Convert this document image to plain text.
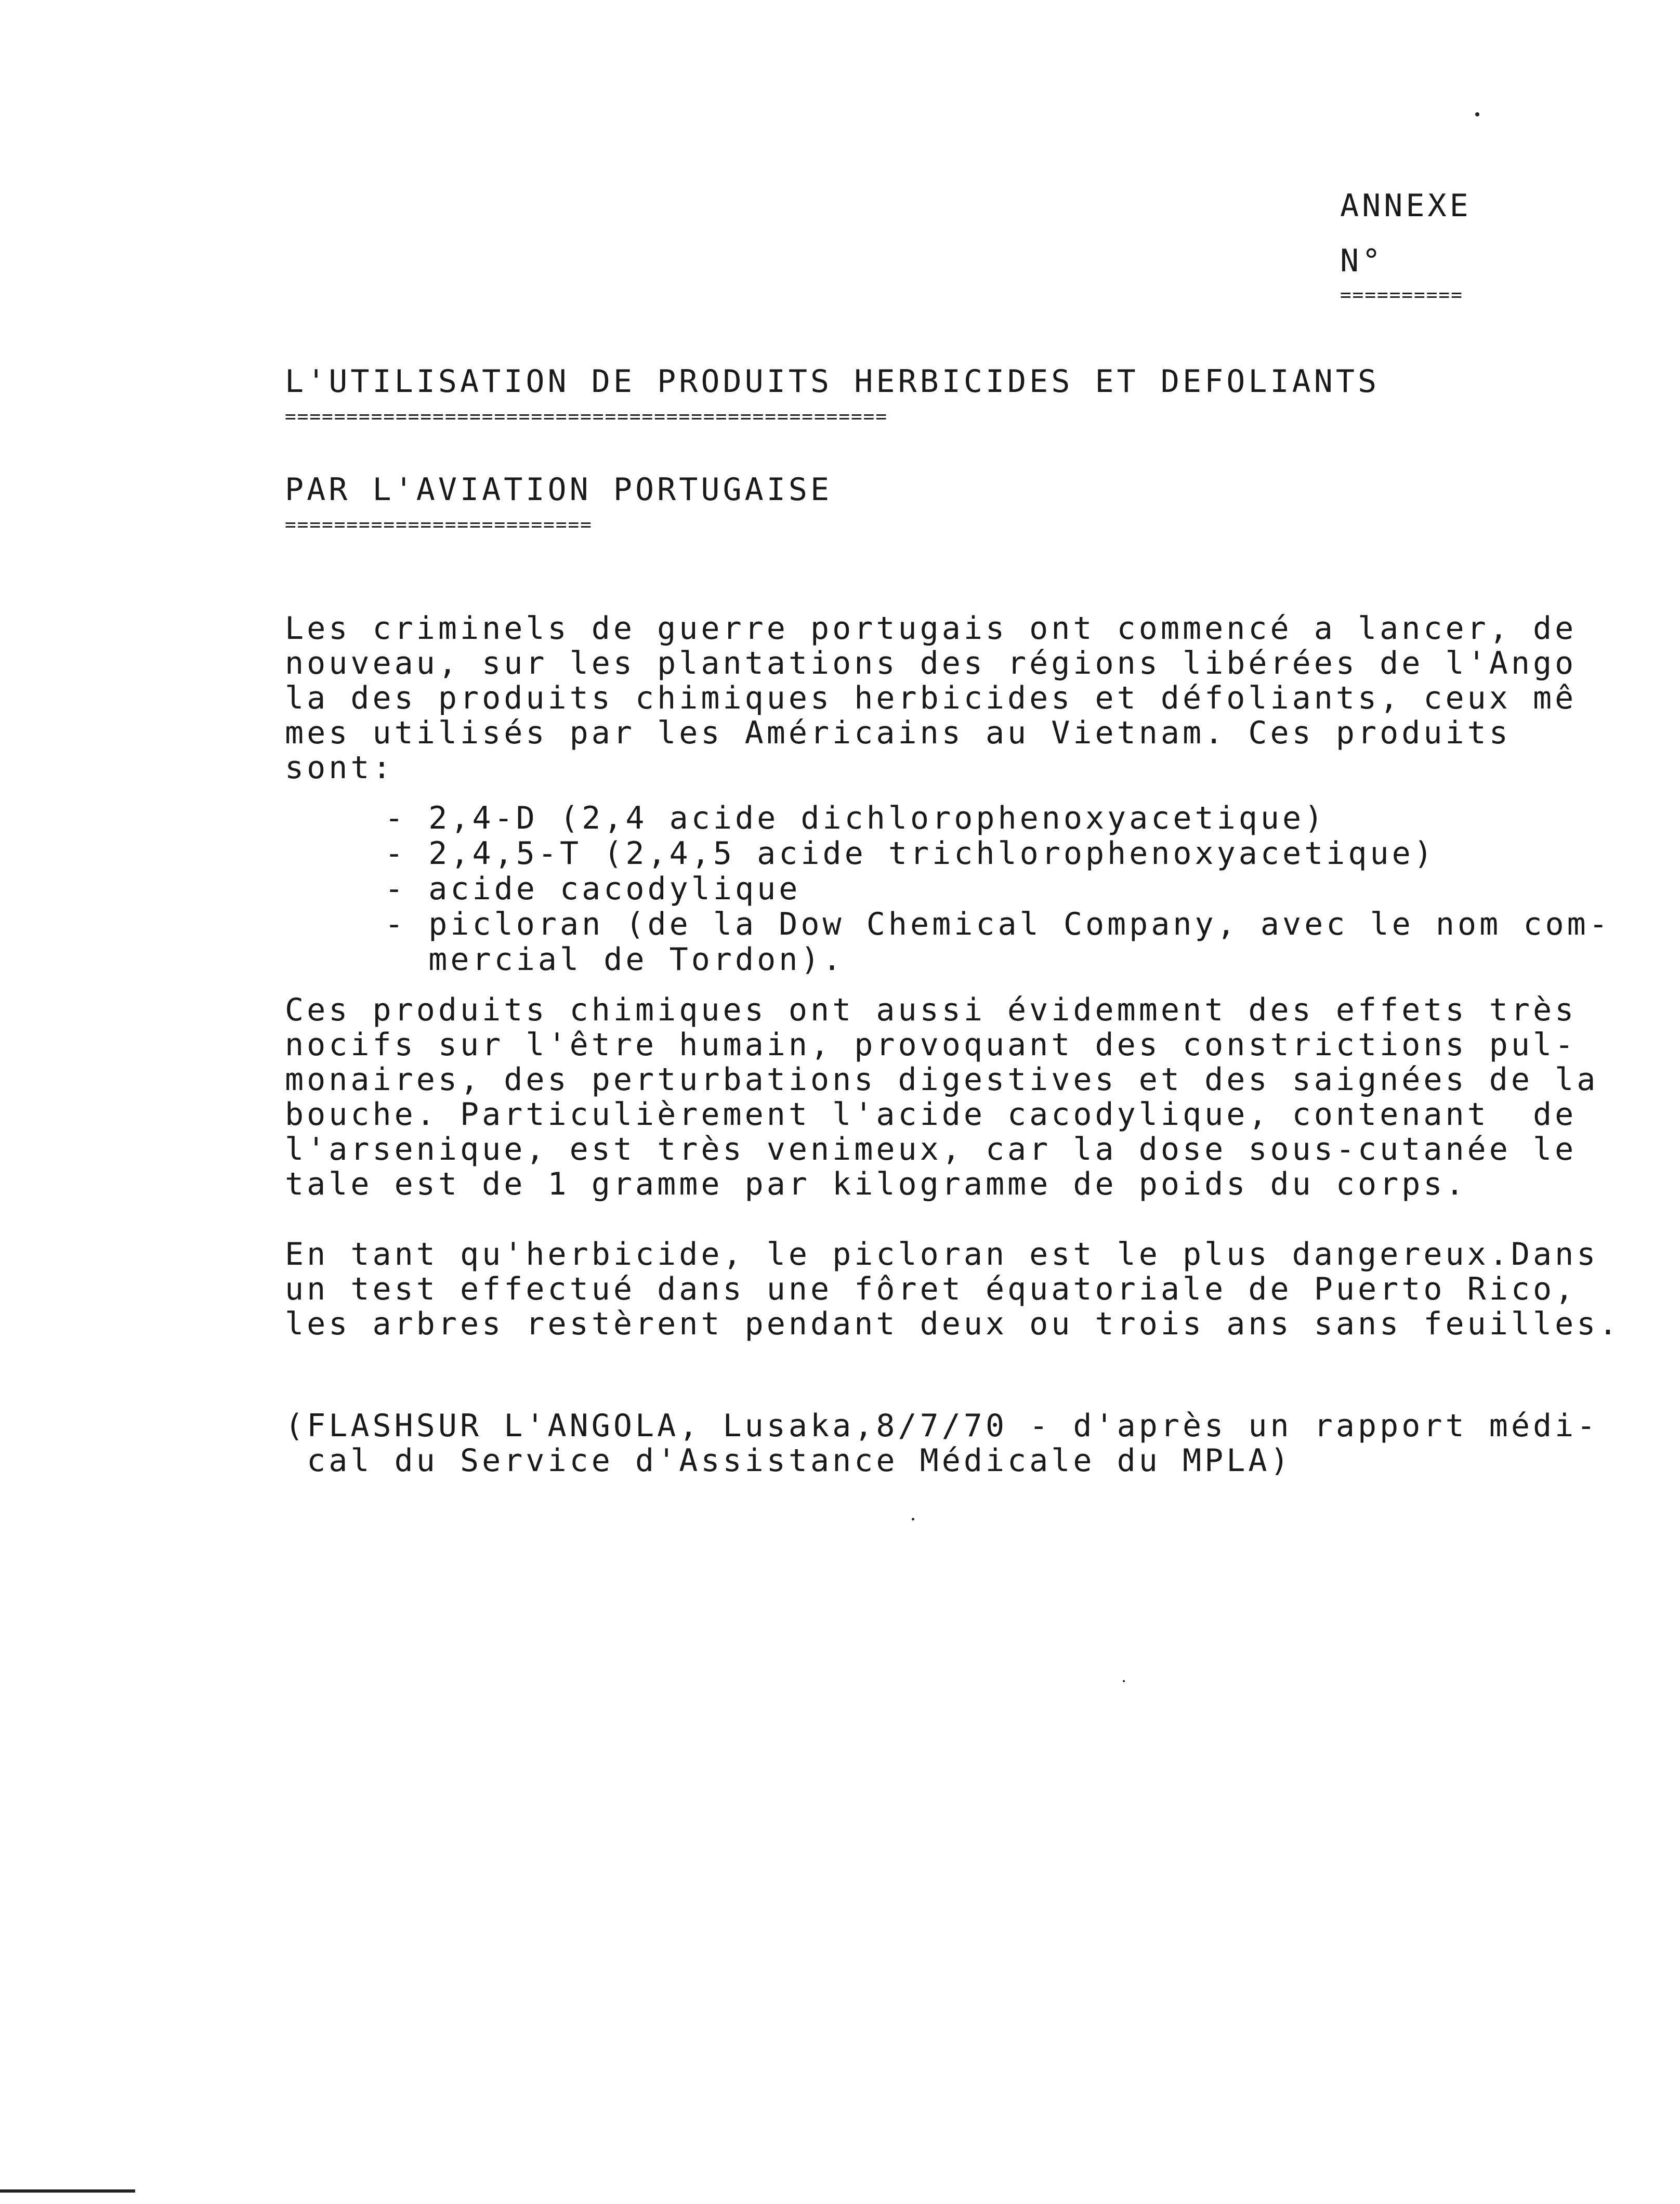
ANNEXE
N°
==========
L'UTILISATION DE PRODUITS HERBICIDES ET DEFOLIANTS
=================================================
PAR L'AVIATION PORTUGAISE
=========================
Les criminels de guerre portugais ont commencé a lancer, de
nouveau, sur les plantations des régions libérées de l'Ango
la des produits chimiques herbicides et défoliants, ceux mê
mes utilisés par les Américains au Vietnam. Ces produits
sont:
- 2,4-D (2,4 acide dichlorophenoxyacetique)
- 2,4,5-T (2,4,5 acide trichlorophenoxyacetique)
- acide cacodylique
- picloran (de la Dow Chemical Company, avec le nom com-
mercial de Tordon).
Ces produits chimiques ont aussi évidemment des effets très
nocifs sur l'être humain, provoquant des constrictions pul-
monaires, des perturbations digestives et des saignées de la
bouche. Particulièrement l'acide cacodylique, contenant  de
l'arsenique, est très venimeux, car la dose sous-cutanée le
tale est de 1 gramme par kilogramme de poids du corps.
En tant qu'herbicide, le picloran est le plus dangereux.Dans
un test effectué dans une fôret équatoriale de Puerto Rico,
les arbres restèrent pendant deux ou trois ans sans feuilles.
(FLASHSUR L'ANGOLA, Lusaka,8/7/70 - d'après un rapport médi-
cal du Service d'Assistance Médicale du MPLA)
